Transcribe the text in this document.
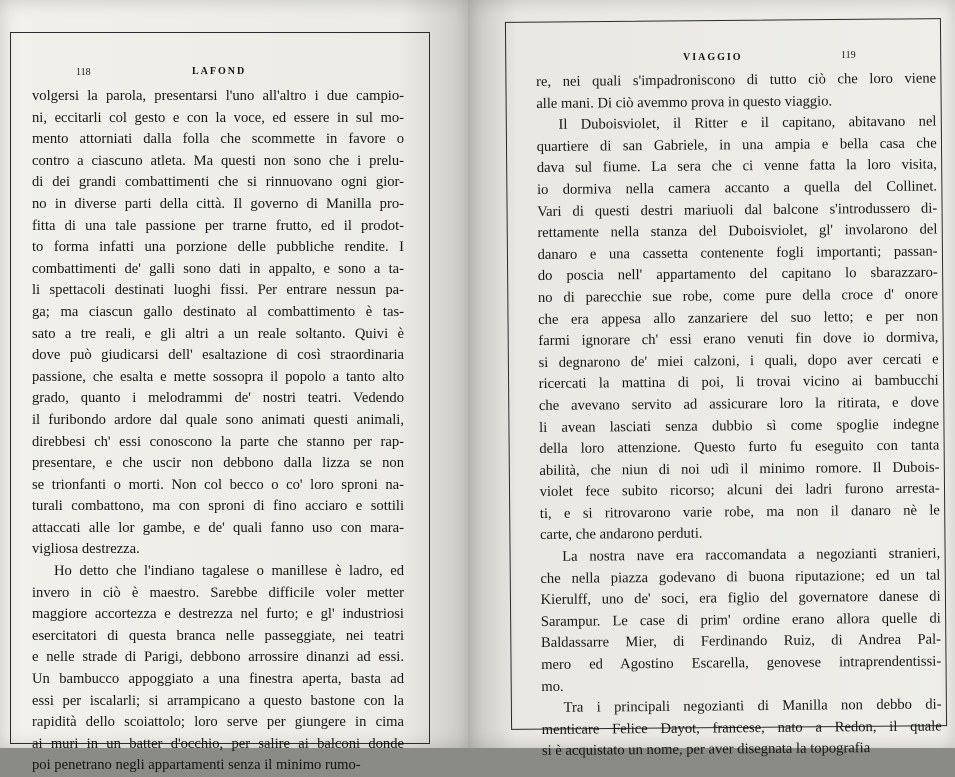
118	LAFOND
volgersi la parola, presentarsi l'uno all'altro i due campio-
ni, eccitarli col gesto e con la voce, ed essere in sul mo-
mento attorniati dalla folla che scommette in favore o
contro a ciascuno atleta. Ma questi non sono che i prelu-
di dei grandi combattimenti che si rinnuovano ogni gior-
no in diverse parti della città. Il governo di Manilla pro-
fitta di una tale passione per trarne frutto, ed il prodot-
to forma infatti una porzione delle pubbliche rendite. I
combattimenti de' galli sono dati in appalto, e sono a ta-
li spettacoli destinati luoghi fissi. Per entrare nessun pa-
ga; ma ciascun gallo destinato al combattimento è tas-
sato a tre reali, e gli altri a un reale soltanto. Quivi è
dove può giudicarsi dell' esaltazione di così straordinaria
passione, che esalta e mette sossopra il popolo a tanto alto
grado, quanto i melodrammi de' nostri teatri. Vedendo
il furibondo ardore dal quale sono animati questi animali,
direbbesi ch' essi conoscono la parte che stanno per rap-
presentare, e che uscir non debbono dalla lizza se non
se trionfanti o morti. Non col becco o co' loro sproni na-
turali combattono, ma con sproni di fino acciaro e sottili
attaccati alle lor gambe, e de' quali fanno uso con mara-
vigliosa destrezza.
Ho detto che l'indiano tagalese o manillese è ladro, ed
invero in ciò è maestro. Sarebbe difficile voler metter
maggiore accortezza e destrezza nel furto; e gl' industriosi
esercitatori di questa branca nelle passeggiate, nei teatri
e nelle strade di Parigi, debbono arrossire dinanzi ad essi.
Un bambucco appoggiato a una finestra aperta, basta ad
essi per iscalarli; si arrampicano a questo bastone con la
rapidità dello scoiattolo; loro serve per giungere in cima
ai muri in un batter d'occhio, per salire ai balconi donde
poi penetrano negli appartamenti senza il minimo rumo-
VIAGGIO	119
re, nei quali s'impadroniscono di tutto ciò che loro viene
alle mani. Di ciò avemmo prova in questo viaggio.
Il Duboisviolet, il Ritter e il capitano, abitavano nel
quartiere di san Gabriele, in una ampia e bella casa che
dava sul fiume. La sera che ci venne fatta la loro visita,
io dormiva nella camera accanto a quella del Collinet.
Vari di questi destri mariuoli dal balcone s'introdussero di-
rettamente nella stanza del Duboisviolet, gl' involarono del
danaro e una cassetta contenente fogli importanti; passan-
do poscia nell' appartamento del capitano lo sbarazzaro-
no di parecchie sue robe, come pure della croce d' onore
che era appesa allo zanzariere del suo letto; e per non
farmi ignorare ch' essi erano venuti fin dove io dormiva,
si degnarono de' miei calzoni, i quali, dopo aver cercati e
ricercati la mattina di poi, li trovai vicino ai bambucchi
che avevano servito ad assicurare loro la ritirata, e dove
li avean lasciati senza dubbio sì come spoglie indegne
della loro attenzione. Questo furto fu eseguito con tanta
abilità, che niun di noi udì il minimo romore. Il Dubois-
violet fece subito ricorso; alcuni dei ladri furono arresta-
ti, e si ritrovarono varie robe, ma non il danaro nè le
carte, che andarono perduti.
La nostra nave era raccomandata a negozianti stranieri,
che nella piazza godevano di buona riputazione; ed un tal
Kierulff, uno de' soci, era figlio del governatore danese di
Sarampur. Le case di prim' ordine erano allora quelle di
Baldassarre Mier, di Ferdinando Ruiz, di Andrea Pal-
mero ed Agostino Escarella, genovese intraprendentissi-
mo.
Tra i principali negozianti di Manilla non debbo di-
menticare Felice Dayot, francese, nato a Redon, il quale
si è acquistato un nome, per aver disegnata la topografia
